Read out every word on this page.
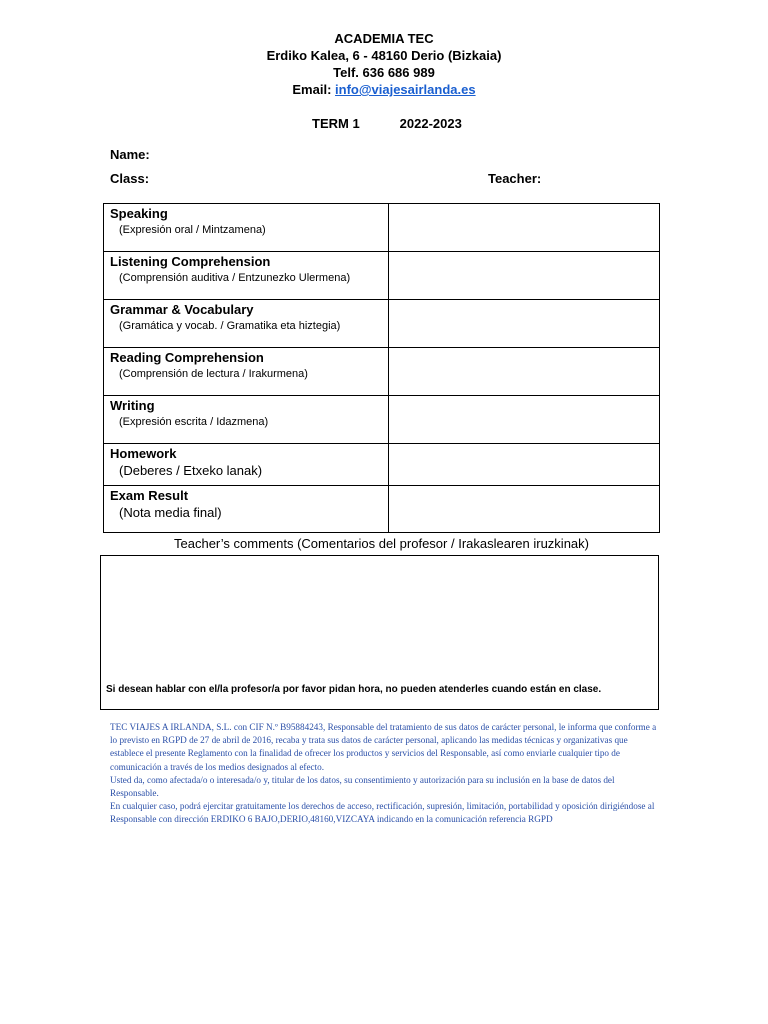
ACADEMIA TEC
Erdiko Kalea, 6 - 48160 Derio (Bizkaia)
Telf. 636 686 989
Email: info@viajesairlanda.es
TERM 1	2022-2023
Name:
Class:	Teacher:
Speaking
(Expresión oral / Mintzamena)	

Listening Comprehension
(Comprensión auditiva / Entzunezko Ulermena)	

Grammar & Vocabulary
(Gramática y vocab. / Gramatika eta hiztegia)	

Reading Comprehension
(Comprensión de lectura / Irakurmena)	

Writing
(Expresión escrita / Idazmena)	

Homework
(Deberes / Etxeko lanak)	

Exam Result
(Nota media final)	

Teacher’s comments (Comentarios del profesor / Irakaslearen iruzkinak)
Si desean hablar con el/la profesor/a por favor pidan hora, no pueden atenderles cuando están en clase.

TEC VIAJES A IRLANDA, S.L. con CIF N.º B95884243, Responsable del tratamiento de sus datos de carácter personal, le informa que conforme a lo previsto en RGPD de 27 de abril de 2016, recaba y trata sus datos de carácter personal, aplicando las medidas técnicas y organizativas que establece el presente Reglamento con la finalidad de ofrecer los productos y servicios del Responsable, así como enviarle cualquier tipo de comunicación a través de los medios designados al efecto.

Usted da, como afectada/o o interesada/o y, titular de los datos, su consentimiento y autorización para su inclusión en la base de datos del Responsable.

En cualquier caso, podrá ejercitar gratuitamente los derechos de acceso, rectificación, supresión, limitación, portabilidad y oposición dirigiéndose al Responsable con dirección ERDIKO 6 BAJO,DERIO,48160,VIZCAYA indicando en la comunicación referencia RGPD
